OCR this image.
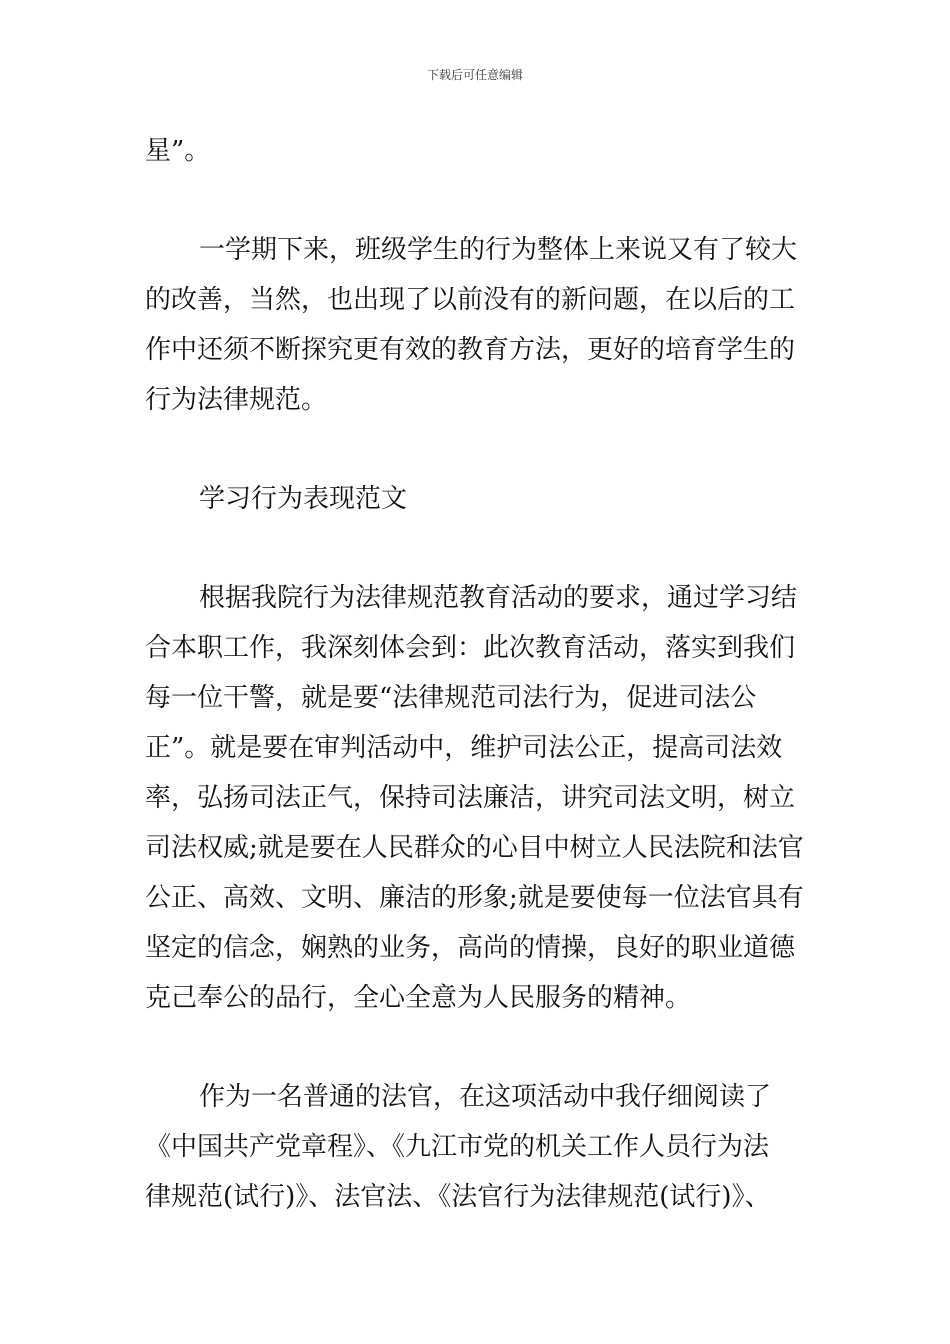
下载后可任意编辑
星”。
一学期下来，班级学生的行为整体上来说又有了较大
的改善，当然，也出现了以前没有的新问题，在以后的工
作中还须不断探究更有效的教育方法，更好的培育学生的
行为法律规范。
学习行为表现范文
根据我院行为法律规范教育活动的要求，通过学习结
合本职工作，我深刻体会到：此次教育活动，落实到我们
每一位干警，就是要“法律规范司法行为，促进司法公
正”。就是要在审判活动中，维护司法公正，提高司法效
率，弘扬司法正气，保持司法廉洁，讲究司法文明，树立
司法权威;就是要在人民群众的心目中树立人民法院和法官
公正、高效、文明、廉洁的形象;就是要使每一位法官具有
坚定的信念，娴熟的业务，高尚的情操，良好的职业道德
克己奉公的品行，全心全意为人民服务的精神。
作为一名普通的法官，在这项活动中我仔细阅读了
《中国共产党章程》、《九江市党的机关工作人员行为法
律规范(试行)》、法官法、《法官行为法律规范(试行)》、
